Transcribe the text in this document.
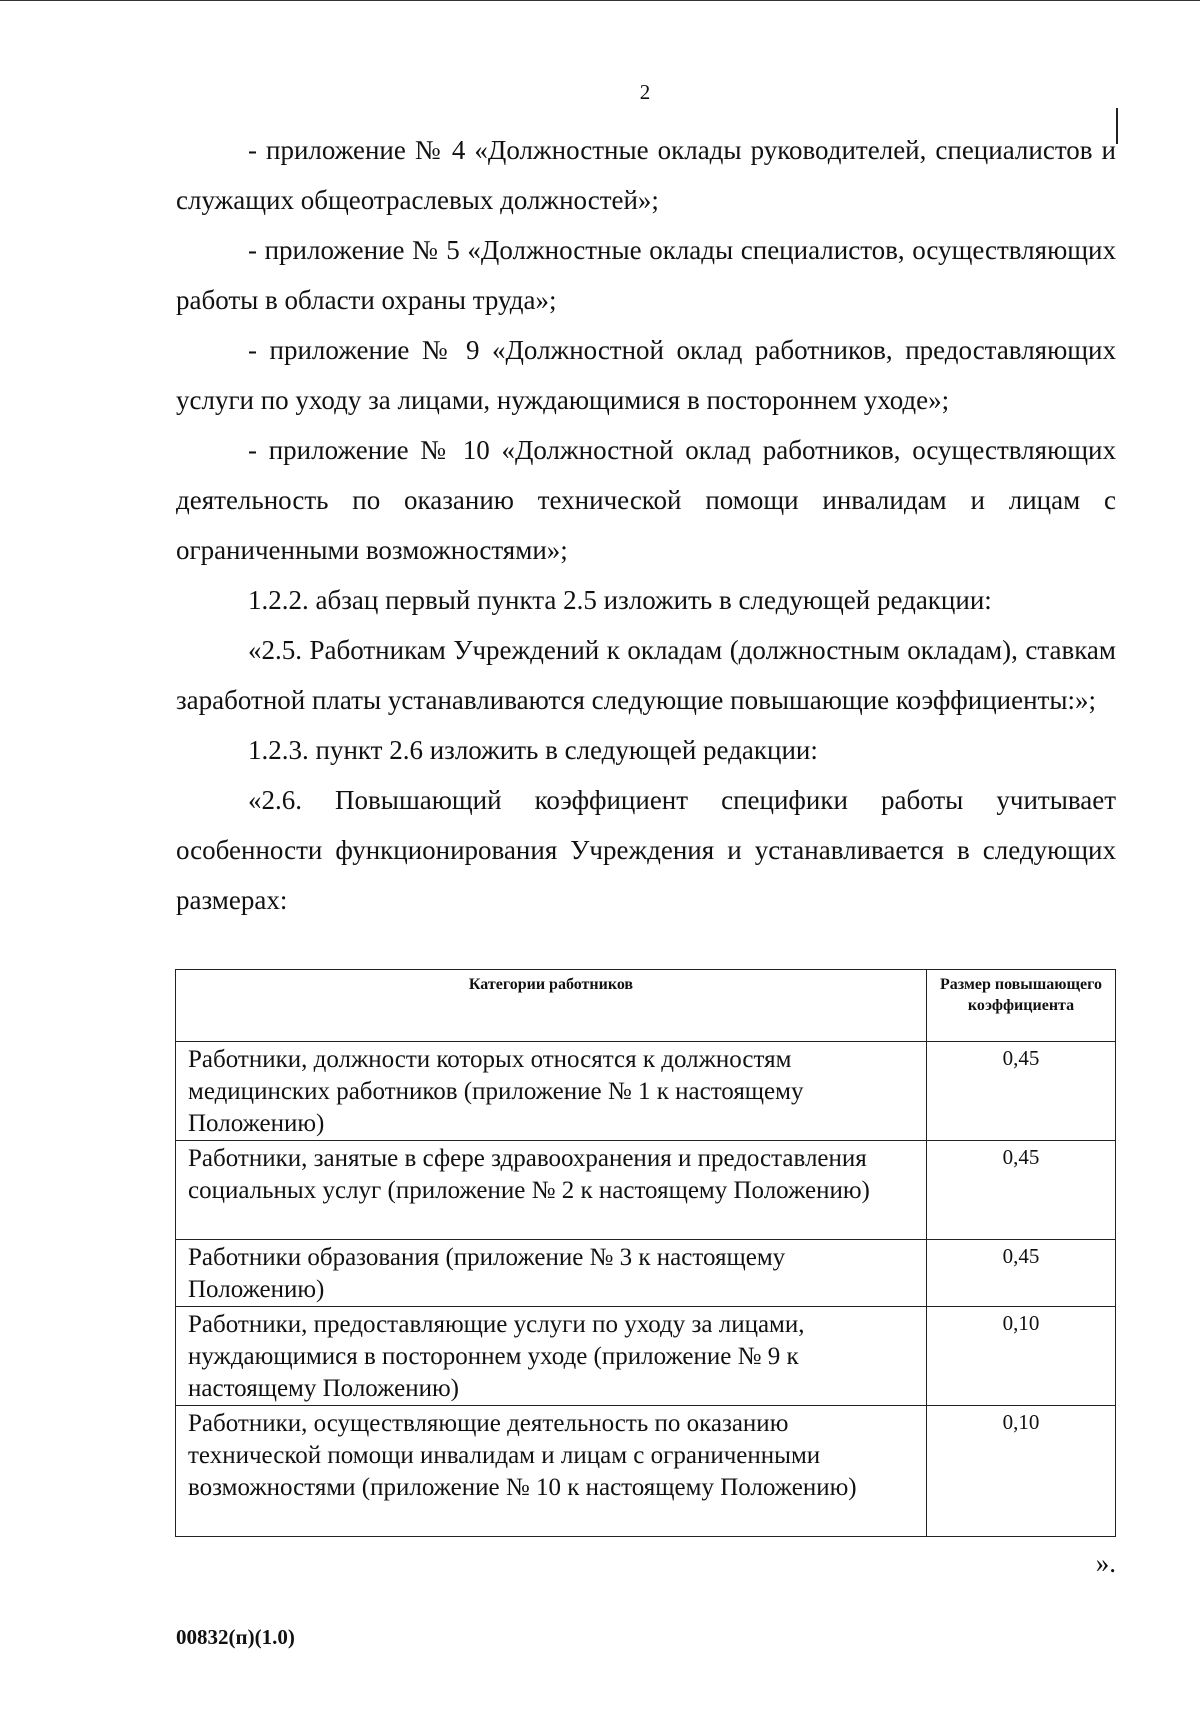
2

- приложение № 4 «Должностные оклады руководителей, специалистов и служащих общеотраслевых должностей»;

- приложение № 5 «Должностные оклады специалистов, осуществляющих работы в области охраны труда»;

- приложение № 9 «Должностной оклад работников, предоставляющих услуги по уходу за лицами, нуждающимися в постороннем уходе»;

- приложение № 10 «Должностной оклад работников, осуществляющих деятельность по оказанию технической помощи инвалидам и лицам с ограниченными возможностями»;

1.2.2. абзац первый пункта 2.5 изложить в следующей редакции:

«2.5. Работникам Учреждений к окладам (должностным окладам), ставкам заработной платы устанавливаются следующие повышающие коэффициенты:»;

1.2.3. пункт 2.6 изложить в следующей редакции:

«2.6. Повышающий коэффициент специфики работы учитывает особенности функционирования Учреждения и устанавливается в следующих размерах:

Категории работников	Размер повышающего коэффициента
Работники, должности которых относятся к должностям медицинских работников (приложение № 1 к настоящему Положению)	0,45
Работники, занятые в сфере здравоохранения и предоставления социальных услуг (приложение № 2 к настоящему Положению)	0,45
Работники образования (приложение № 3 к настоящему Положению)	0,45
Работники, предоставляющие услуги по уходу за лицами, нуждающимися в постороннем уходе (приложение № 9 к настоящему Положению)	0,10
Работники, осуществляющие деятельность по оказанию технической помощи инвалидам и лицам с ограниченными возможностями (приложение № 10 к настоящему Положению)	0,10
».
00832(п)(1.0)
